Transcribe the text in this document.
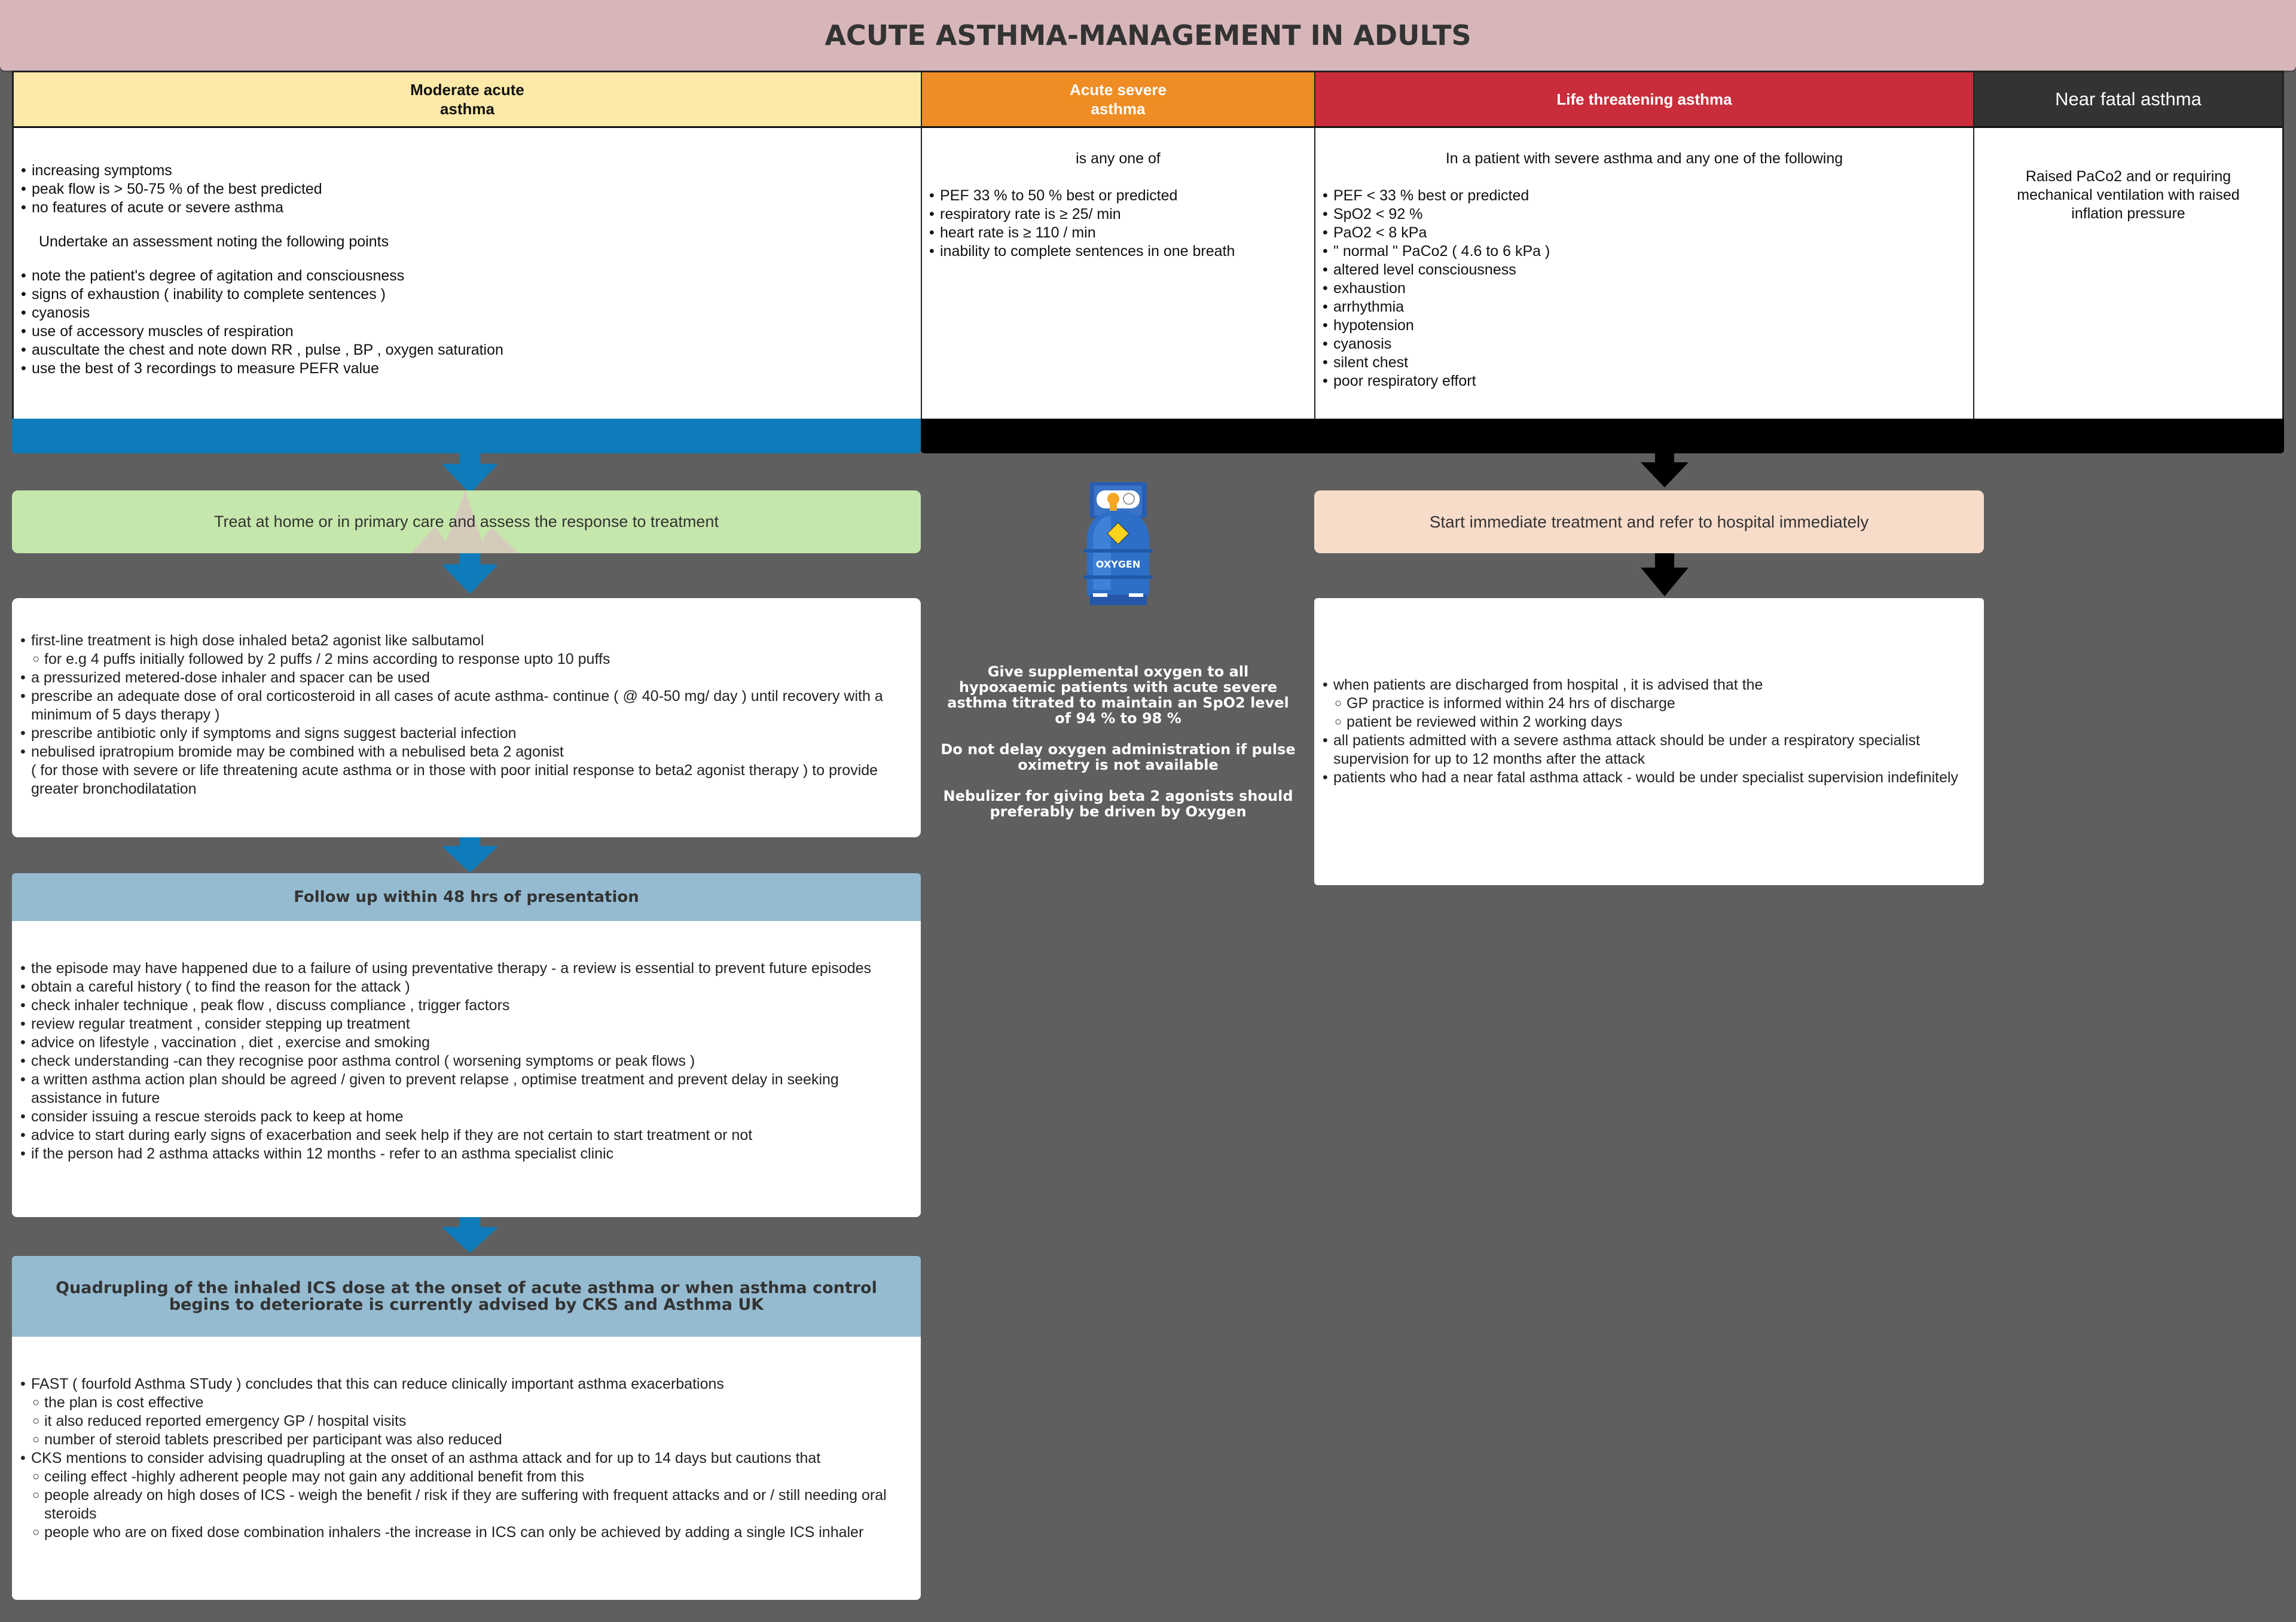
ACUTE ASTHMA-MANAGEMENT IN ADULTS
Moderate acute
asthma
Acute severe
asthma
Life threatening asthma	Near fatal asthma
• increasing symptoms
• peak flow is > 50-75 % of the best predicted
• no features of acute or severe asthma
Undertake an assessment noting the following points
• note the patient's degree of agitation and consciousness
• signs of exhaustion ( inability to complete sentences )
• cyanosis
• use of accessory muscles of respiration
• auscultate the chest and note down RR , pulse , BP , oxygen saturation
• use the best of 3 recordings to measure PEFR value
is any one of
• PEF 33 % to 50 % best or predicted
• respiratory rate is ≥ 25/ min
• heart rate is ≥ 110 / min
• inability to complete sentences in one breath
In a patient with severe asthma and any one of the following
• PEF < 33 % best or predicted
• SpO2 < 92 %
• PaO2 < 8 kPa
• " normal " PaCo2 ( 4.6 to 6 kPa )
• altered level consciousness
• exhaustion
• arrhythmia
• hypotension
• cyanosis
• silent chest
• poor respiratory effort
Raised PaCo2 and or requiring mechanical ventilation with raised inflation pressure
Treat at home or in primary care and assess the response to treatment
• first-line treatment is high dose inhaled beta2 agonist like salbutamol
○ for e.g 4 puffs initially followed by 2 puffs / 2 mins according to response upto 10 puffs
• a pressurized metered-dose inhaler and spacer can be used
• prescribe an adequate dose of oral corticosteroid in all cases of acute asthma- continue ( @ 40-50 mg/ day ) until recovery with a minimum of 5 days therapy )
• prescribe antibiotic only if symptoms and signs suggest bacterial infection
• nebulised ipratropium bromide may be combined with a nebulised beta 2 agonist
( for those with severe or life threatening acute asthma or in those with poor initial response to beta2 agonist therapy ) to provide greater bronchodilatation
Follow up within 48 hrs of presentation
• the episode may have happened due to a failure of using preventative therapy - a review is essential to prevent future episodes
• obtain a careful history ( to find the reason for the attack )
• check inhaler technique , peak flow , discuss compliance , trigger factors
• review regular treatment , consider stepping up treatment
• advice on lifestyle , vaccination , diet , exercise and smoking
• check understanding -can they recognise poor asthma control ( worsening symptoms or peak flows )
• a written asthma action plan should be agreed / given to prevent relapse , optimise treatment and prevent delay in seeking assistance in future
• consider issuing a rescue steroids pack to keep at home
• advice to start during early signs of exacerbation and seek help if they are not certain to start treatment or not
• if the person had 2 asthma attacks within 12 months - refer to an asthma specialist clinic
Quadrupling of the inhaled ICS dose at the onset of acute asthma or when asthma control begins to deteriorate is currently advised by CKS and Asthma UK
• FAST ( fourfold Asthma STudy ) concludes that this can reduce clinically important asthma exacerbations
○ the plan is cost effective
○ it also reduced reported emergency GP / hospital visits
○ number of steroid tablets prescribed per participant was also reduced
• CKS mentions to consider advising quadrupling at the onset of an asthma attack and for up to 14 days but cautions that
○ ceiling effect -highly adherent people may not gain any additional benefit from this
○ people already on high doses of ICS - weigh the benefit / risk if they are suffering with frequent attacks and or / still needing oral steroids
○ people who are on fixed dose combination inhalers -the increase in ICS can only be achieved by adding a single ICS inhaler
OXYGEN

Give supplemental oxygen to all hypoxaemic patients with acute severe asthma titrated to maintain an SpO2 level of 94 % to 98 %

Do not delay oxygen administration if pulse oximetry is not available

Nebulizer for giving beta 2 agonists should preferably be driven by Oxygen

Start immediate treatment and refer to hospital immediately
• when patients are discharged from hospital , it is advised that the
○ GP practice is informed within 24 hrs of discharge
○ patient be reviewed within 2 working days
• all patients admitted with a severe asthma attack should be under a respiratory specialist supervision for up to 12 months after the attack
• patients who had a near fatal asthma attack - would be under specialist supervision indefinitely
